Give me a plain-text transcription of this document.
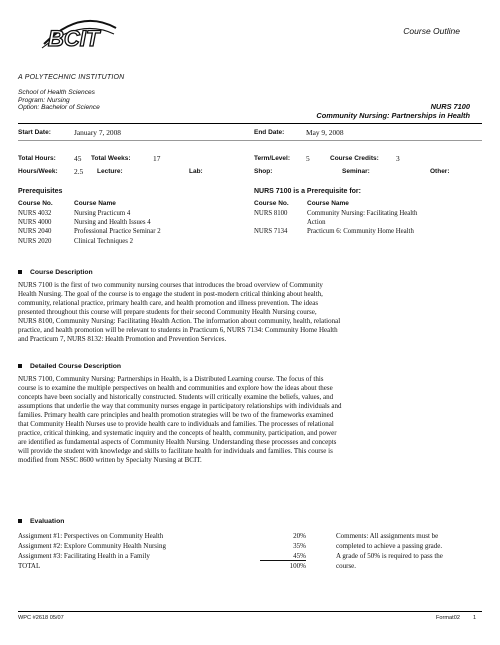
BCIT	Course Outline
A POLYTECHNIC INSTITUTION
School of Health Sciences
Program: Nursing
Option: Bachelor of Science	NURS 7100
Community Nursing: Partnerships in Health
Start Date:	January 7, 2008	End Date:	May 9, 2008
Total Hours: 45 Total Weeks:	17	Term/Level: 5	Course Credits: 3
Hours/Week: 2.5 Lecture:	Lab:	Shop:	Seminar:	Other:
Prerequisites
Course No.	Course Name
NURS 4032	Nursing Practicum 4
NURS 4000	Nursing and Health Issues 4
NURS 2040	Professional Practice Seminar 2
NURS 2020	Clinical Techniques 2
NURS 7100 is a Prerequisite for:
Course No.	Course Name
NURS 8100	Community Nursing: Facilitating Health
Action
NURS 7134	Practicum 6: Community Home Health
Course Description
NURS 7100 is the first of two community nursing courses that introduces the broad overview of Community
Health Nursing. The goal of the course is to engage the student in post-modern critical thinking about health,
community, relational practice, primary health care, and health promotion and illness prevention. The ideas
presented throughout this course will prepare students for their second Community Health Nursing course,
NURS 8100, Community Nursing: Facilitating Health Action. The information about community, health, relational
practice, and health promotion will be relevant to students in Practicum 6, NURS 7134: Community Home Health
and Practicum 7, NURS 8132: Health Promotion and Prevention Services.
Detailed Course Description
NURS 7100, Community Nursing: Partnerships in Health, is a Distributed Learning course. The focus of this
course is to examine the multiple perspectives on health and communities and explore how the ideas about these
concepts have been socially and historically constructed. Students will critically examine the beliefs, values, and
assumptions that underlie the way that community nurses engage in participatory relationships with individuals and
families. Primary health care principles and health promotion strategies will be two of the frameworks examined
that Community Health Nurses use to provide health care to individuals and families. The processes of relational
practice, critical thinking, and systematic inquiry and the concepts of health, community, participation, and power
are identified as fundamental aspects of Community Health Nursing. Understanding these processes and concepts
will provide the student with knowledge and skills to facilitate health for individuals and families. This course is
modified from NSSC 8600 written by Specialty Nursing at BCIT.
Evaluation
Assignment #1: Perspectives on Community Health	20%
Assignment #2: Explore Community Health Nursing	35%
Assignment #3: Facilitating Health in a Family	45%
TOTAL	100%
Comments: All assignments must be
completed to achieve a passing grade.
A grade of 50% is required to pass the
course.
WPC #2618 05/07	Format02 1
